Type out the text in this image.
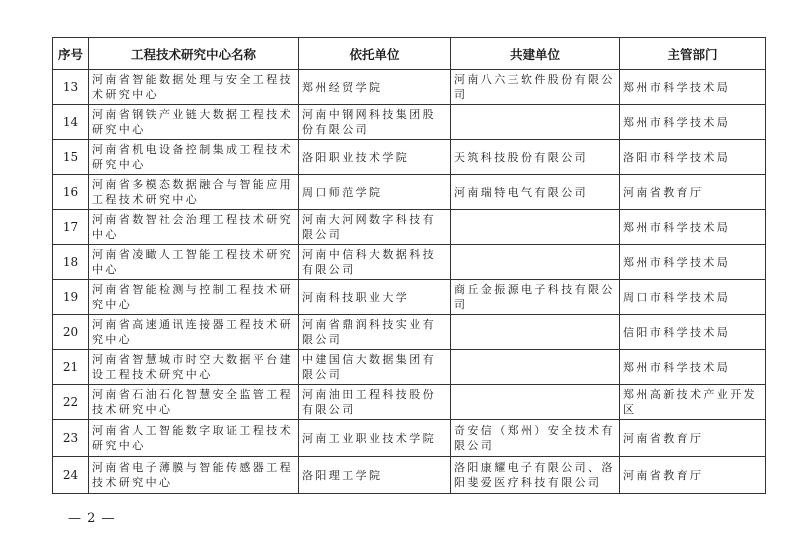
序号	工程技术研究中心名称	依托单位	共建单位	主管部门
13	河南省智能数据处理与安全工程技术研究中心	郑州经贸学院	河南八六三软件股份有限公司	郑州市科学技术局
14	河南省钢铁产业链大数据工程技术研究中心	河南中钢网科技集团股份有限公司		郑州市科学技术局
15	河南省机电设备控制集成工程技术研究中心	洛阳职业技术学院	天筑科技股份有限公司	洛阳市科学技术局
16	河南省多模态数据融合与智能应用工程技术研究中心	周口师范学院	河南瑞特电气有限公司	河南省教育厅
17	河南省数智社会治理工程技术研究中心	河南大河网数字科技有限公司		郑州市科学技术局
18	河南省凌瞰人工智能工程技术研究中心	河南中信科大数据科技有限公司		郑州市科学技术局
19	河南省智能检测与控制工程技术研究中心	河南科技职业大学	商丘金振源电子科技有限公司	周口市科学技术局
20	河南省高速通讯连接器工程技术研究中心	河南省鼎润科技实业有限公司		信阳市科学技术局
21	河南省智慧城市时空大数据平台建设工程技术研究中心	中建国信大数据集团有限公司		郑州市科学技术局
22	河南省石油石化智慧安全监管工程技术研究中心	河南油田工程科技股份有限公司		郑州高新技术产业开发区
23	河南省人工智能数字取证工程技术研究中心	河南工业职业技术学院	奇安信（郑州）安全技术有限公司	河南省教育厅
24	河南省电子薄膜与智能传感器工程技术研究中心	洛阳理工学院	洛阳康耀电子有限公司、洛阳斐爱医疗科技有限公司	河南省教育厅
— 2 —
